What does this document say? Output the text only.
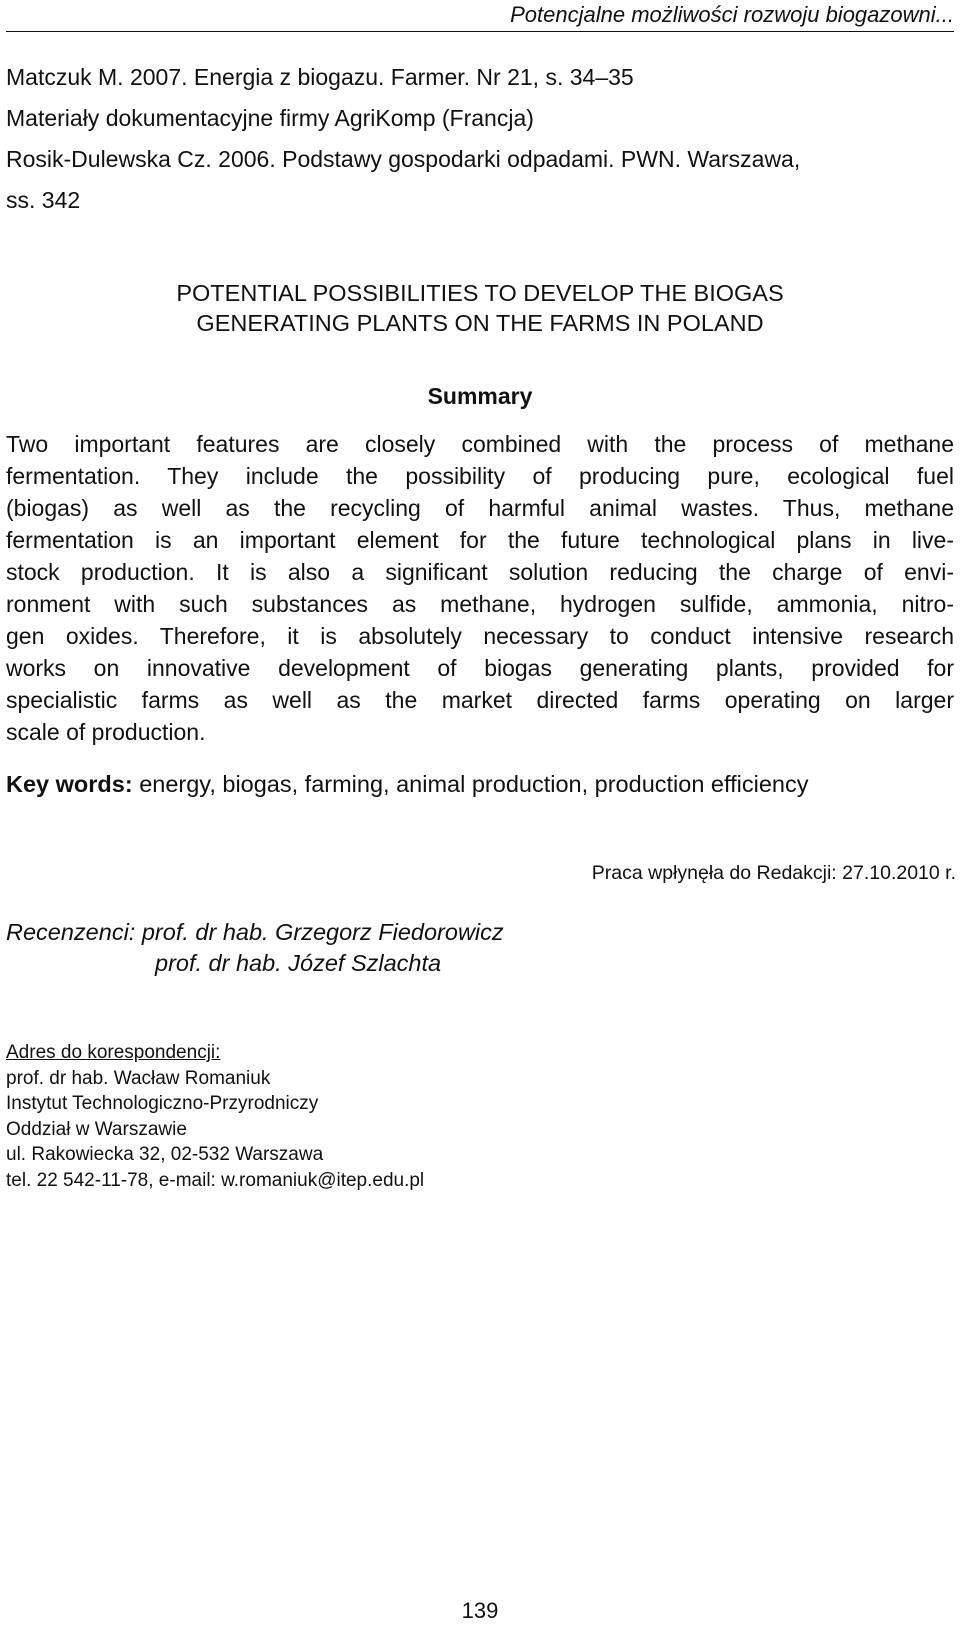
Potencjalne możliwości rozwoju biogazowni...

Matczuk M. 2007. Energia z biogazu. Farmer. Nr 21, s. 34–35

Materiały dokumentacyjne firmy AgriKomp (Francja)

Rosik-Dulewska Cz. 2006. Podstawy gospodarki odpadami. PWN. Warszawa,

ss. 342

POTENTIAL POSSIBILITIES TO DEVELOP THE BIOGAS

GENERATING PLANTS ON THE FARMS IN POLAND

Summary
Two important features are closely combined with the process of methane
fermentation. They include the possibility of producing pure, ecological fuel
(biogas) as well as the recycling of harmful animal wastes. Thus, methane
fermentation is an important element for the future technological plans in live-
stock production. It is also a significant solution reducing the charge of envi-
ronment with such substances as methane, hydrogen sulfide, ammonia, nitro-
gen oxides. Therefore, it is absolutely necessary to conduct intensive research
works on innovative development of biogas generating plants, provided for
specialistic farms as well as the market directed farms operating on larger
scale of production.
Key words: energy, biogas, farming, animal production, production efficiency
Praca wpłynęła do Redakcji: 27.10.2010 r.
Recenzenci: prof. dr hab. Grzegorz Fiedorowicz
prof. dr hab. Józef Szlachta
Adres do korespondencji:
prof. dr hab. Wacław Romaniuk
Instytut Technologiczno-Przyrodniczy
Oddział w Warszawie
ul. Rakowiecka 32, 02-532 Warszawa
tel. 22 542-11-78, e-mail: w.romaniuk@itep.edu.pl
139
